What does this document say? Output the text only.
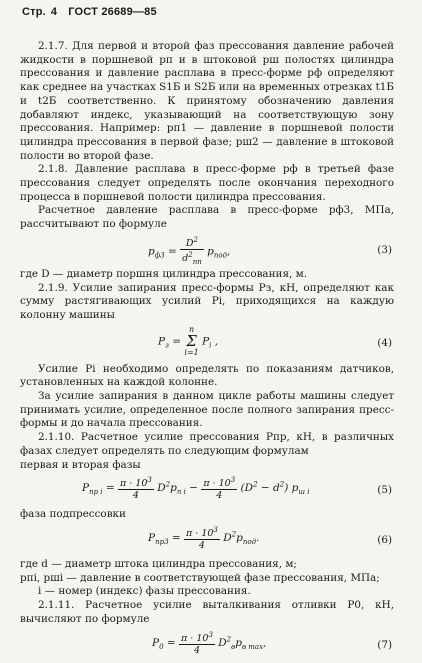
Стр. 4 ГОСТ 26689—85

2.1.7. Для первой и второй фаз прессования давление рабочей жидкости в поршневой pп и в штоковой pш полостях цилиндра прессования и давление расплава в пресс-форме pф определяют как среднее на участках S1Б и S2Б или на временных отрезках t1Б и t2Б соответственно. К принятому обозначению давления добавляют индекс, указывающий на соответствующую зону прессования. Например: pп1 — давление в поршневой полости цилиндра прессования в первой фазе; pш2 — давление в штоковой полости во второй фазе.

2.1.8. Давление расплава в пресс-форме pф в третьей фазе прессования следует определять после окончания переходного процесса в поршневой полости цилиндра прессования.

Расчетное давление расплава в пресс-форме pф3, МПа, рассчитывают по формуле

$p_{ф3} = \frac{D^2}{d^2_{пп}} p_{под}$,	(3)

где D — диаметр поршня цилиндра прессования, м.

2.1.9. Усилие запирания пресс-формы Pз, кН, определяют как сумму растягивающих усилий Pi, приходящихся на каждую колонну машины

$P_з = n$
Σ
i=1 $P_i$ ,	(4)

Усилие Pi необходимо определять по показаниям датчиков, установленных на каждой колонне.

За усилие запирания в данном цикле работы машины следует принимать усилие, определенное после полного запирания пресс-формы и до начала прессования.

2.1.10. Расчетное усилие прессования Pпр, кН, в различных фазах следует определять по следующим формулам

первая и вторая фазы

$P_{пр i} = \frac{\pi \cdot 10^3}{4} D^2p_{п i} - \frac{\pi \cdot 10^3}{4} (D^2 - d^2)$ $p_{ш i}$	(5)

фаза подпрессовки

$P_{пр3} = \frac{\pi \cdot 10^3}{4} D^2p_{под}$.	(6)

где d — диаметр штока цилиндра прессования, м;

pпi, pшi — давление в соответствующей фазе прессования, МПа;

i — номер (индекс) фазы прессования.

2.1.11. Расчетное усилие выталкивания отливки P0, кН, вычисляют по формуле

$P_0 = \frac{\pi \cdot 10^3}{4} D^2_вp_{в max}$,	(7)
